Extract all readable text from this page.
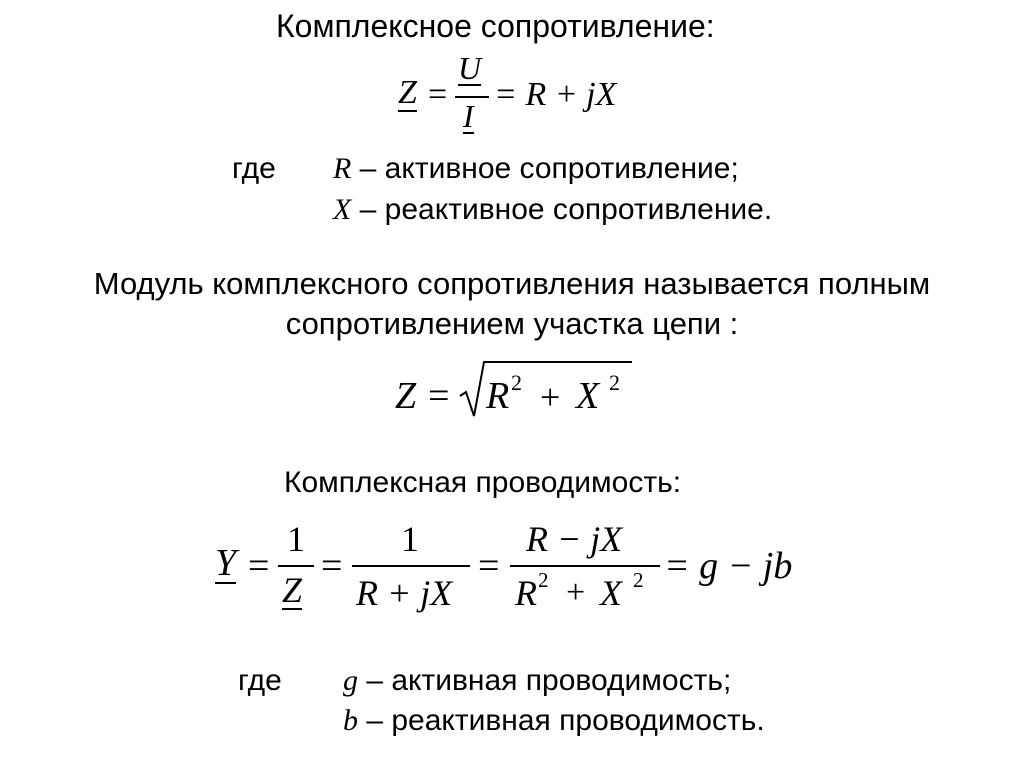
Комплексное сопротивление:
Z =
U
I
= R + jX
где R – активное сопротивление;
X – реактивное сопротивление.
Модуль комплексного сопротивления называется полным
сопротивлением участка цепи :
Z = R 2 + X 2
Комплексная проводимость:
Y =
1
Z
=
1
R + jX
=
R − jX
R 2 + X 2 = g − jb
где g – активная проводимость;
b – реактивная проводимость.
